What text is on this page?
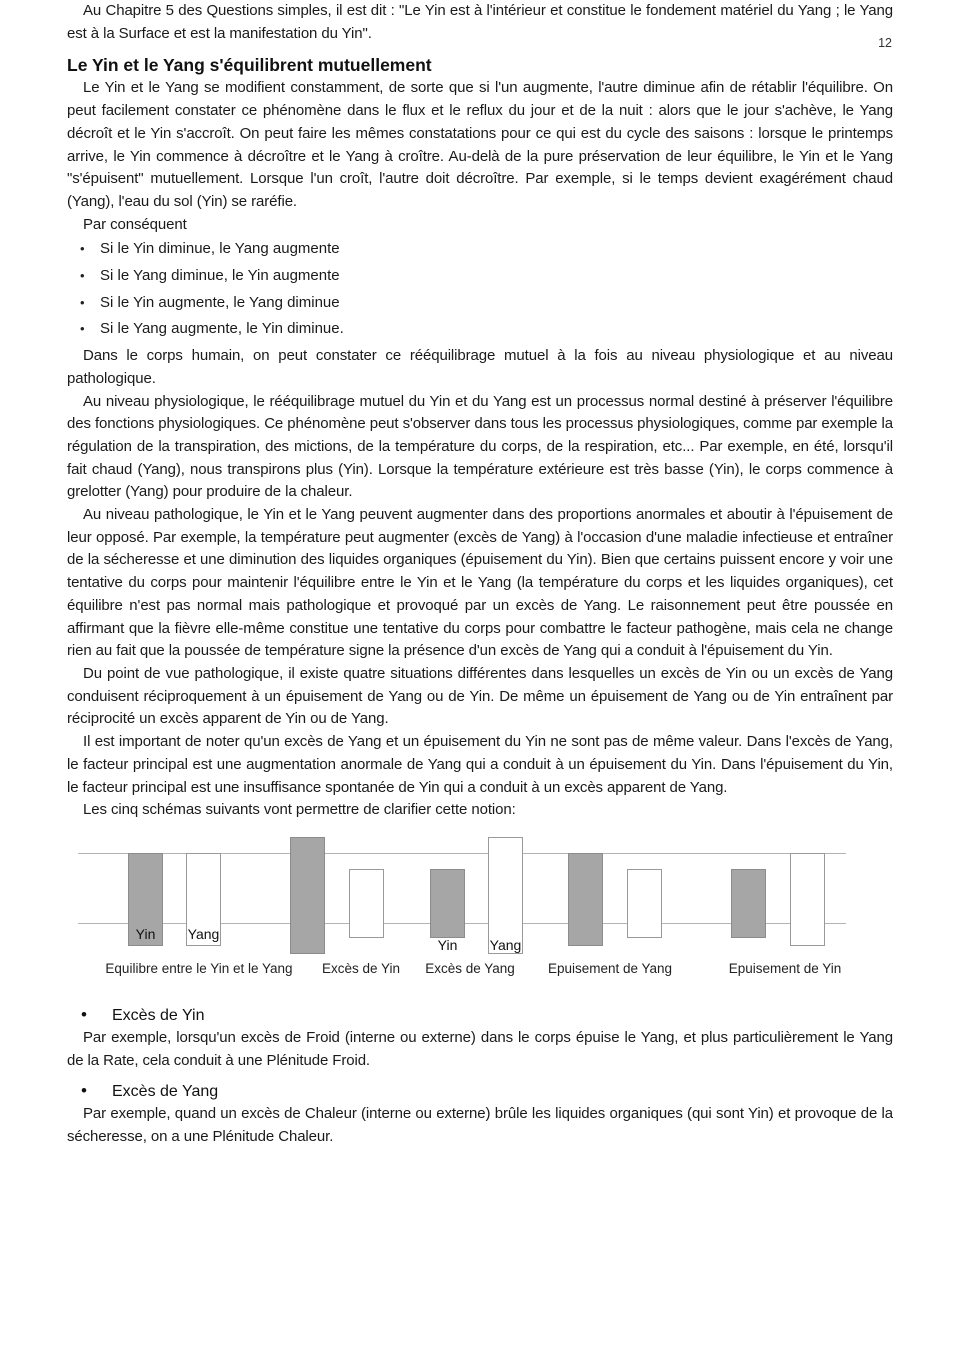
12

Au Chapitre 5 des Questions simples, il est dit : "Le Yin est à l'intérieur et constitue le fondement matériel du Yang ; le Yang est à la Surface et est la manifestation du Yin".

Le Yin et le Yang s'équilibrent mutuellement

Le Yin et le Yang se modifient constamment, de sorte que si l'un augmente, l'autre diminue afin de rétablir l'équilibre. On peut facilement constater ce phénomène dans le flux et le reflux du jour et de la nuit : alors que le jour s'achève, le Yang décroît et le Yin s'accroît. On peut faire les mêmes constatations pour ce qui est du cycle des saisons : lorsque le printemps arrive, le Yin commence à décroître et le Yang à croître. Au-delà de la pure préservation de leur équilibre, le Yin et le Yang "s'épuisent" mutuellement. Lorsque l'un croît, l'autre doit décroître. Par exemple, si le temps devient exagérément chaud (Yang), l'eau du sol (Yin) se raréfie.

Par conséquent

• Si le Yin diminue, le Yang augmente
• Si le Yang diminue, le Yin augmente
• Si le Yin augmente, le Yang diminue
• Si le Yang augmente, le Yin diminue.

Dans le corps humain, on peut constater ce rééquilibrage mutuel à la fois au niveau physiologique et au niveau pathologique.

Au niveau physiologique, le rééquilibrage mutuel du Yin et du Yang est un processus normal destiné à préserver l'équilibre des fonctions physiologiques. Ce phénomène peut s'observer dans tous les processus physiologiques, comme par exemple la régulation de la transpiration, des mictions, de la température du corps, de la respiration, etc... Par exemple, en été, lorsqu'il fait chaud (Yang), nous transpirons plus (Yin). Lorsque la température extérieure est très basse (Yin), le corps commence à grelotter (Yang) pour produire de la chaleur.

Au niveau pathologique, le Yin et le Yang peuvent augmenter dans des proportions anormales et aboutir à l'épuisement de leur opposé. Par exemple, la température peut augmenter (excès de Yang) à l'occasion d'une maladie infectieuse et entraîner de la sécheresse et une diminution des liquides organiques (épuisement du Yin). Bien que certains puissent encore y voir une tentative du corps pour maintenir l'équilibre entre le Yin et le Yang (la température du corps et les liquides organiques), cet équilibre n'est pas normal mais pathologique et provoqué par un excès de Yang. Le raisonnement peut être poussée en affirmant que la fièvre elle-même constitue une tentative du corps pour combattre le facteur pathogène, mais cela ne change rien au fait que la poussée de température signe la présence d'un excès de Yang qui a conduit à l'épuisement du Yin.

Du point de vue pathologique, il existe quatre situations différentes dans lesquelles un excès de Yin ou un excès de Yang conduisent réciproquement à un épuisement de Yang ou de Yin. De même un épuisement de Yang ou de Yin entraînent par réciprocité un excès apparent de Yin ou de Yang.

Il est important de noter qu'un excès de Yang et un épuisement du Yin ne sont pas de même valeur. Dans l'excès de Yang, le facteur principal est une augmentation anormale de Yang qui a conduit à un épuisement du Yin. Dans l'épuisement du Yin, le facteur principal est une insuffisance spontanée de Yin qui a conduit à un excès apparent de Yang.

Les cinq schémas suivants vont permettre de clarifier cette notion:

Yin	Yang
Equilibre entre le Yin et le Yang	Excès de Yin
Yin	Yang
Excès de Yang	Epuisement de Yang	Epuisement de Yin

• Excès de Yin

Par exemple, lorsqu'un excès de Froid (interne ou externe) dans le corps épuise le Yang, et plus particulièrement le Yang de la Rate, cela conduit à une Plénitude Froid.

• Excès de Yang

Par exemple, quand un excès de Chaleur (interne ou externe) brûle les liquides organiques (qui sont Yin) et provoque de la sécheresse, on a une Plénitude Chaleur.
